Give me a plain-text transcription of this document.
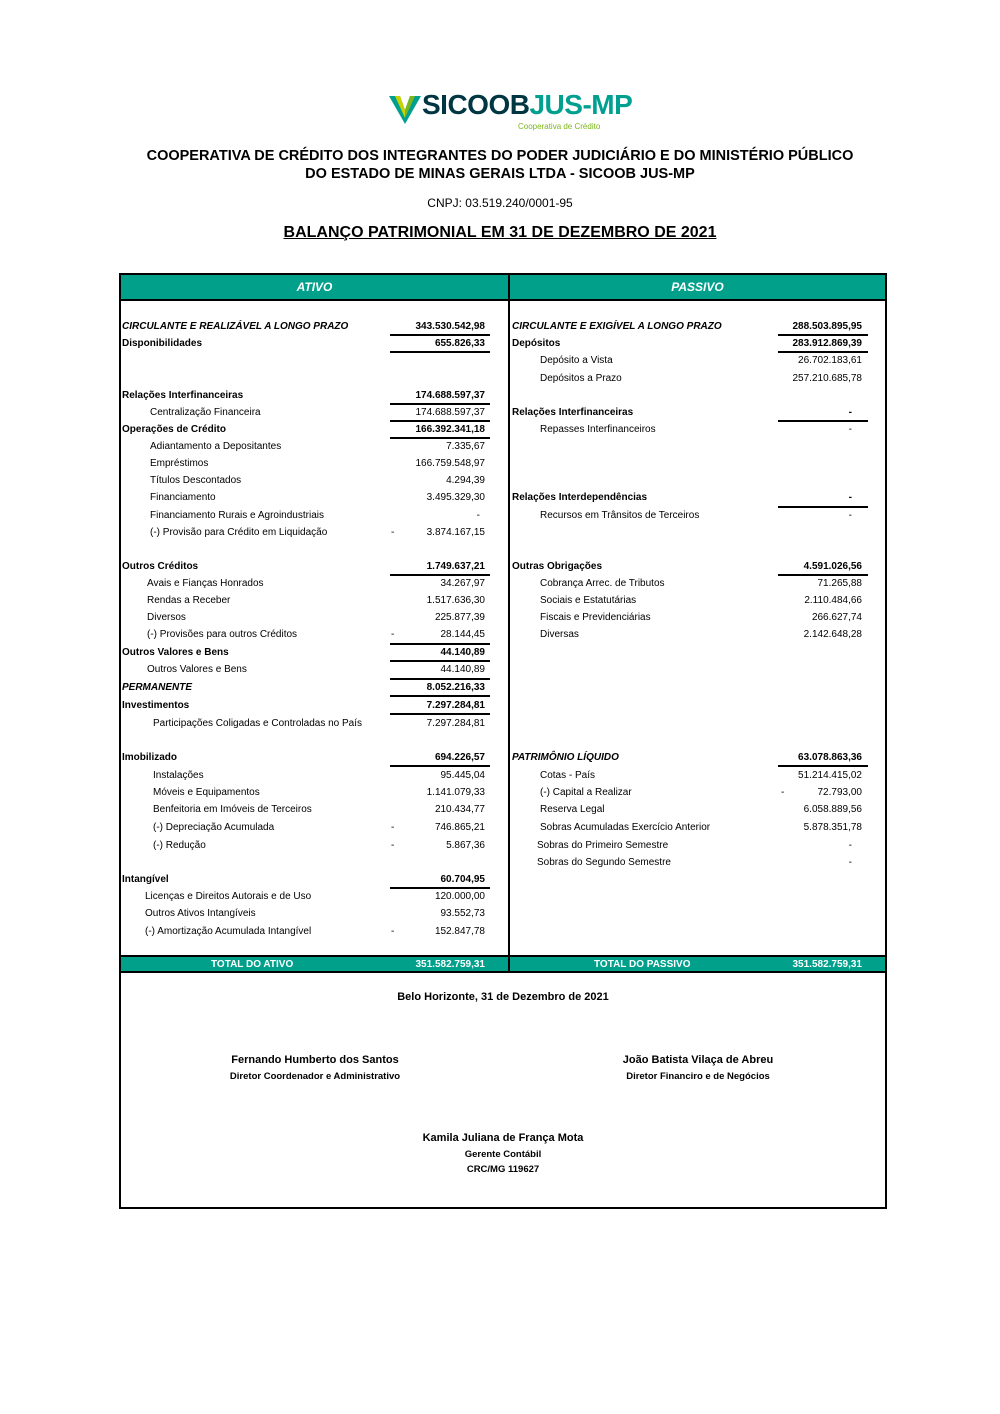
SICOOBJUS-MP
Cooperativa de Crédito
COOPERATIVA DE CRÉDITO DOS INTEGRANTES DO PODER JUDICIÁRIO E DO MINISTÉRIO PÚBLICO
DO ESTADO DE MINAS GERAIS LTDA - SICOOB JUS-MP
CNPJ: 03.519.240/0001-95
BALANÇO PATRIMONIAL EM 31 DE DEZEMBRO DE 2021
ATIVO	PASSIVO
CIRCULANTE E REALIZÁVEL A LONGO PRAZO	343.530.542,98
Disponibilidades	655.826,33
Relações Interfinanceiras	174.688.597,37
Centralização Financeira	174.688.597,37
Operações de Crédito	166.392.341,18
Adiantamento a Depositantes	7.335,67
Empréstimos	166.759.548,97
Títulos Descontados	4.294,39
Financiamento	3.495.329,30
Financiamento Rurais e Agroindustriais	-
(-) Provisão para Crédito em Liquidação	-	3.874.167,15
Outros Créditos	1.749.637,21
Avais e Fianças Honrados	34.267,97
Rendas a Receber	1.517.636,30
Diversos	225.877,39
(-) Provisões para outros Créditos	-	28.144,45
Outros Valores e Bens	44.140,89
Outros Valores e Bens	44.140,89
PERMANENTE	8.052.216,33
Investimentos	7.297.284,81
Participações Coligadas e Controladas no País	7.297.284,81
Imobilizado	694.226,57
Instalações	95.445,04
Móveis e Equipamentos	1.141.079,33
Benfeitoria em Imóveis de Terceiros	210.434,77
(-) Depreciação Acumulada	-	746.865,21
(-) Redução	-	5.867,36
Intangível	60.704,95
Licenças e Direitos Autorais e de Uso	120.000,00
Outros Ativos Intangíveis	93.552,73
(-) Amortização Acumulada Intangível	-	152.847,78
CIRCULANTE E EXIGÍVEL A LONGO PRAZO	288.503.895,95
Depósitos	283.912.869,39
Depósito a Vista	26.702.183,61
Depósitos a Prazo	257.210.685,78
Relações Interfinanceiras	-
Repasses Interfinanceiros	-
Relações Interdependências	-
Recursos em Trânsitos de Terceiros	-
Outras Obrigações	4.591.026,56
Cobrança Arrec. de Tributos	71.265,88
Sociais e Estatutárias	2.110.484,66
Fiscais e Previdenciárias	266.627,74
Diversas	2.142.648,28
PATRIMÔNIO LÍQUIDO	63.078.863,36
Cotas - País	51.214.415,02
(-) Capital a Realizar	-	72.793,00
Reserva Legal	6.058.889,56
Sobras Acumuladas Exercício Anterior	5.878.351,78
Sobras do Primeiro Semestre	-
Sobras do Segundo Semestre	-
TOTAL DO ATIVO	351.582.759,31	TOTAL DO PASSIVO	351.582.759,31
Belo Horizonte, 31 de Dezembro de 2021
Fernando Humberto dos Santos
Diretor Coordenador e Administrativo
João Batista Vilaça de Abreu
Diretor Financiro e de Negócios
Kamila Juliana de França Mota
Gerente Contábil
CRC/MG 119627
